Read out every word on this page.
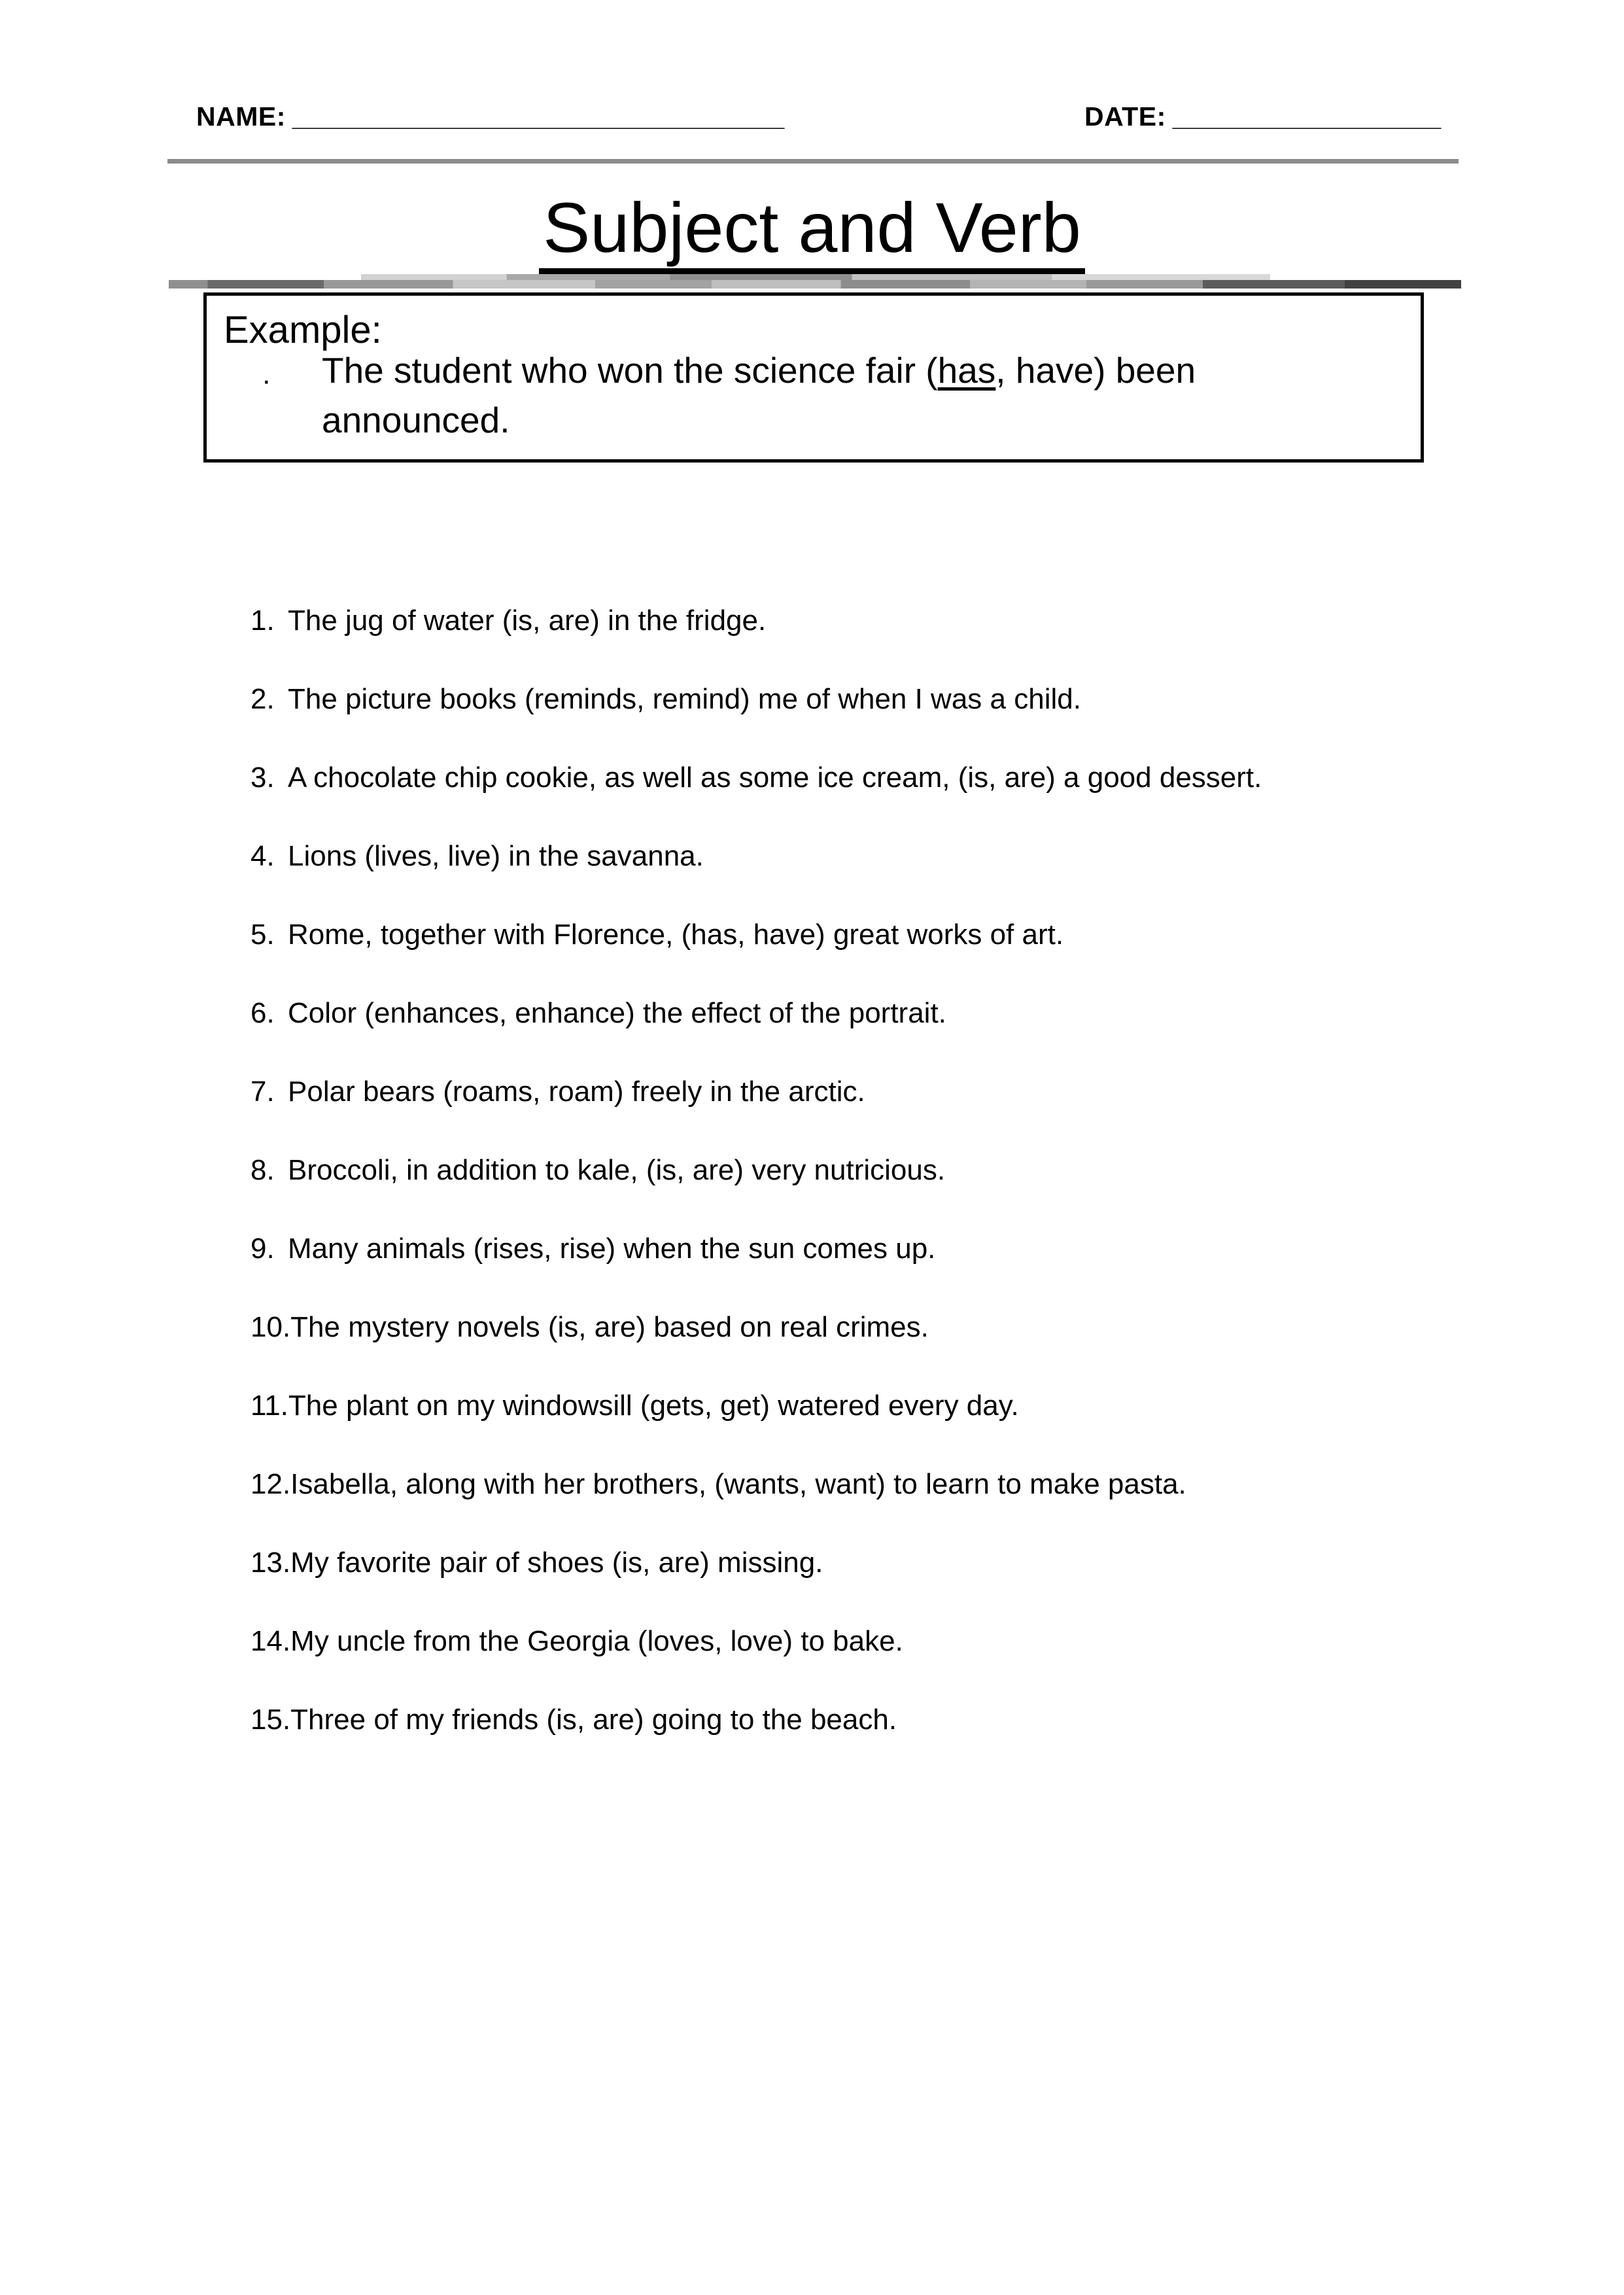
NAME: _________________________________	DATE: __________________
Subject and Verb
Example:
· The student who won the science fair (has, have) been
announced.
1. The jug of water (is, are) in the fridge.
2. The picture books (reminds, remind) me of when I was a child.
3. A chocolate chip cookie, as well as some ice cream, (is, are) a good dessert.
4. Lions (lives, live) in the savanna.
5. Rome, together with Florence, (has, have) great works of art.
6. Color (enhances, enhance) the effect of the portrait.
7. Polar bears (roams, roam) freely in the arctic.
8. Broccoli, in addition to kale, (is, are) very nutricious.
9. Many animals (rises, rise) when the sun comes up.
10. The mystery novels (is, are) based on real crimes.
11. The plant on my windowsill (gets, get) watered every day.
12. Isabella, along with her brothers, (wants, want) to learn to make pasta.
13. My favorite pair of shoes (is, are) missing.
14. My uncle from the Georgia (loves, love) to bake.
15. Three of my friends (is, are) going to the beach.
